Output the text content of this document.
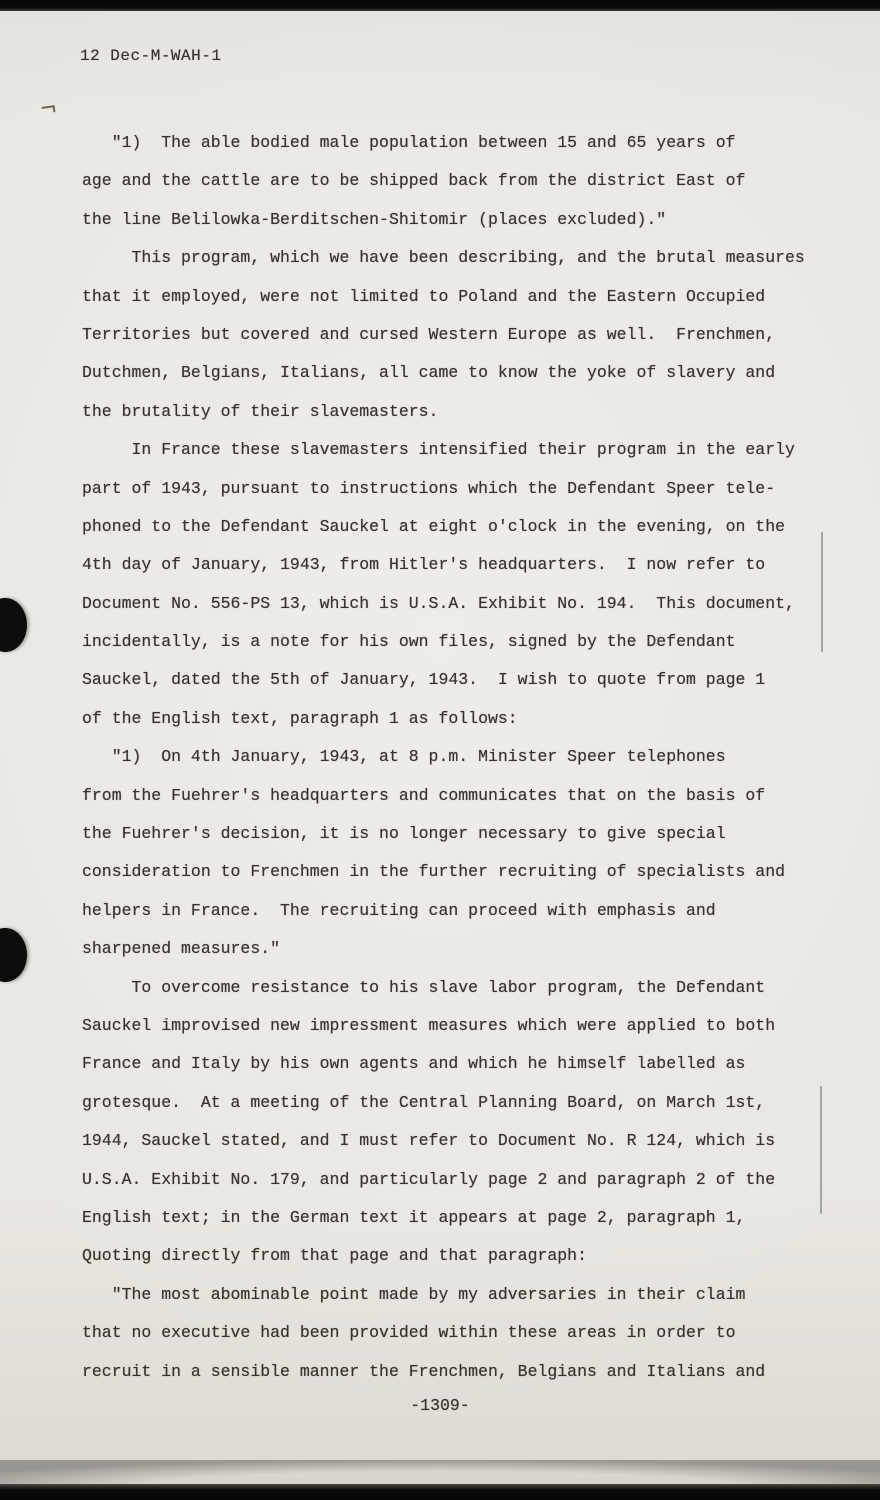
12 Dec-M-WAH-1
"1)  The able bodied male population between 15 and 65 years of
age and the cattle are to be shipped back from the district East of
the line Belilowka-Berditschen-Shitomir (places excluded)."
This program, which we have been describing, and the brutal measures
that it employed, were not limited to Poland and the Eastern Occupied
Territories but covered and cursed Western Europe as well.  Frenchmen,
Dutchmen, Belgians, Italians, all came to know the yoke of slavery and
the brutality of their slavemasters.
In France these slavemasters intensified their program in the early
part of 1943, pursuant to instructions which the Defendant Speer tele-
phoned to the Defendant Sauckel at eight o'clock in the evening, on the
4th day of January, 1943, from Hitler's headquarters.  I now refer to
Document No. 556-PS 13, which is U.S.A. Exhibit No. 194.  This document,
incidentally, is a note for his own files, signed by the Defendant
Sauckel, dated the 5th of January, 1943.  I wish to quote from page 1
of the English text, paragraph 1 as follows:
"1)  On 4th January, 1943, at 8 p.m. Minister Speer telephones
from the Fuehrer's headquarters and communicates that on the basis of
the Fuehrer's decision, it is no longer necessary to give special
consideration to Frenchmen in the further recruiting of specialists and
helpers in France.  The recruiting can proceed with emphasis and
sharpened measures."
To overcome resistance to his slave labor program, the Defendant
Sauckel improvised new impressment measures which were applied to both
France and Italy by his own agents and which he himself labelled as
grotesque.  At a meeting of the Central Planning Board, on March 1st,
1944, Sauckel stated, and I must refer to Document No. R 124, which is
U.S.A. Exhibit No. 179, and particularly page 2 and paragraph 2 of the
English text; in the German text it appears at page 2, paragraph 1,
Quoting directly from that page and that paragraph:
"The most abominable point made by my adversaries in their claim
that no executive had been provided within these areas in order to
recruit in a sensible manner the Frenchmen, Belgians and Italians and
-1309-
